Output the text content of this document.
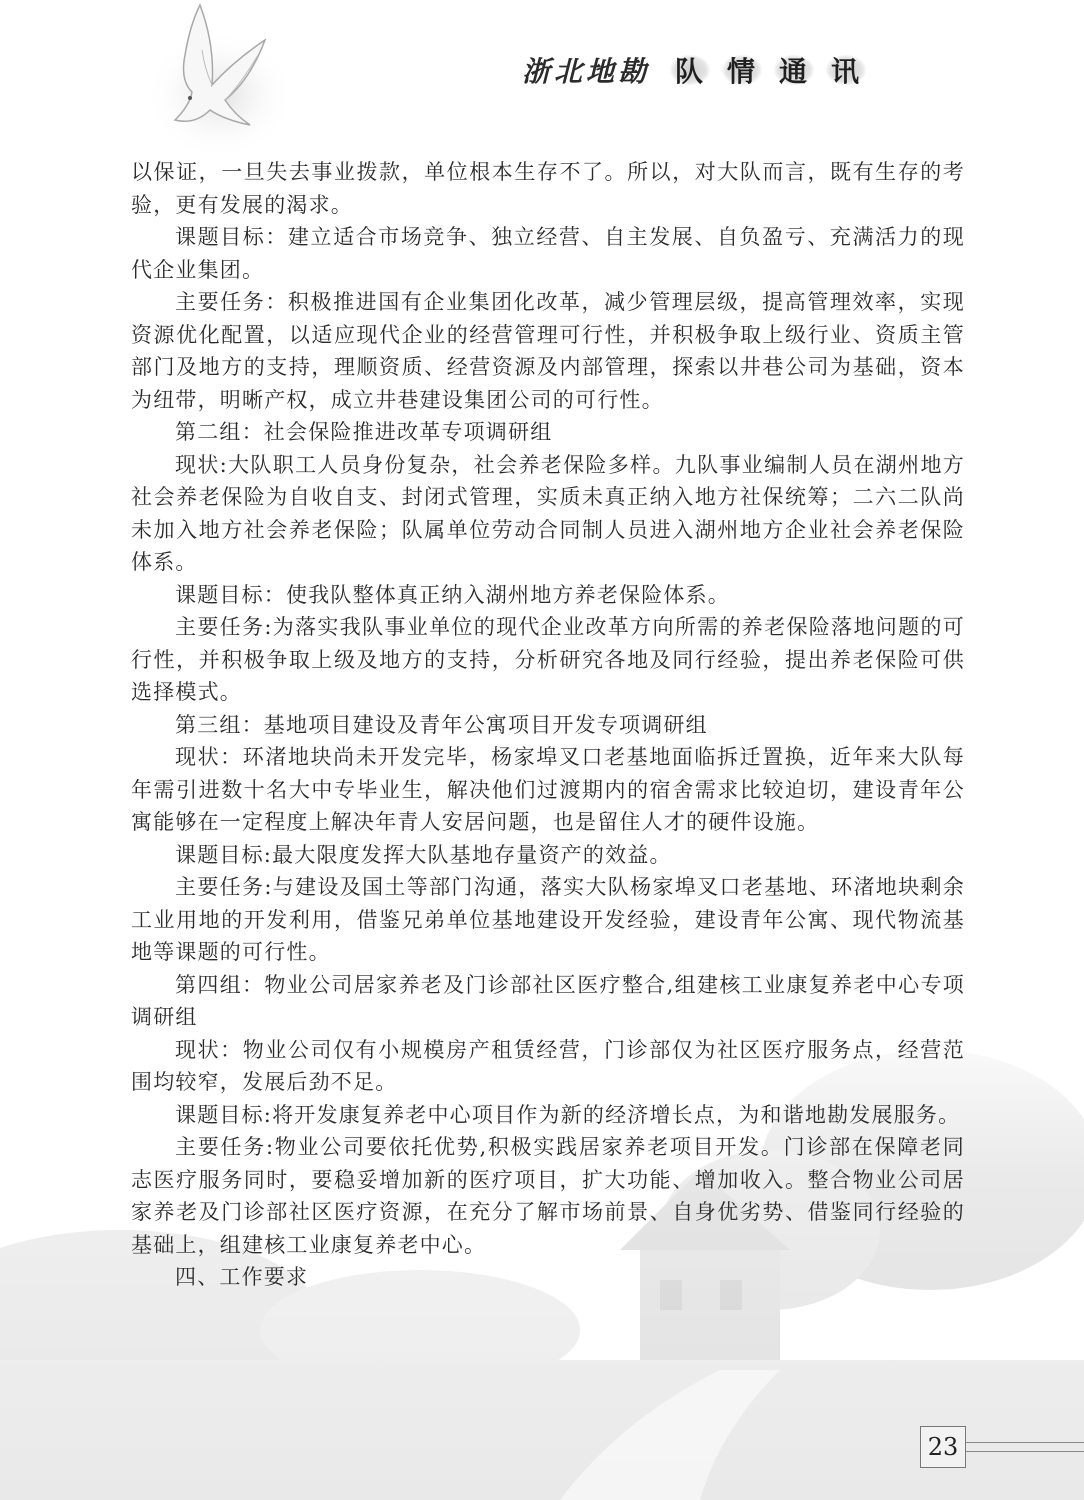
浙北地勘 队 情 通 讯

以保证，一旦失去事业拨款，单位根本生存不了。所以，对大队而言，既有生存的考验，更有发展的渴求。

课题目标：建立适合市场竞争、独立经营、自主发展、自负盈亏、充满活力的现代企业集团。

主要任务：积极推进国有企业集团化改革，减少管理层级，提高管理效率，实现资源优化配置，以适应现代企业的经营管理可行性，并积极争取上级行业、资质主管部门及地方的支持，理顺资质、经营资源及内部管理，探索以井巷公司为基础，资本为纽带，明晰产权，成立井巷建设集团公司的可行性。

第二组：社会保险推进改革专项调研组

现状:大队职工人员身份复杂，社会养老保险多样。九队事业编制人员在湖州地方社会养老保险为自收自支、封闭式管理，实质未真正纳入地方社保统筹；二六二队尚未加入地方社会养老保险；队属单位劳动合同制人员进入湖州地方企业社会养老保险体系。

课题目标：使我队整体真正纳入湖州地方养老保险体系。

主要任务:为落实我队事业单位的现代企业改革方向所需的养老保险落地问题的可行性，并积极争取上级及地方的支持，分析研究各地及同行经验，提出养老保险可供选择模式。

第三组：基地项目建设及青年公寓项目开发专项调研组

现状：环渚地块尚未开发完毕，杨家埠叉口老基地面临拆迁置换，近年来大队每年需引进数十名大中专毕业生，解决他们过渡期内的宿舍需求比较迫切，建设青年公寓能够在一定程度上解决年青人安居问题，也是留住人才的硬件设施。

课题目标:最大限度发挥大队基地存量资产的效益。

主要任务:与建设及国土等部门沟通，落实大队杨家埠叉口老基地、环渚地块剩余工业用地的开发利用，借鉴兄弟单位基地建设开发经验，建设青年公寓、现代物流基地等课题的可行性。

第四组：物业公司居家养老及门诊部社区医疗整合,组建核工业康复养老中心专项调研组

现状：物业公司仅有小规模房产租赁经营，门诊部仅为社区医疗服务点，经营范围均较窄，发展后劲不足。

课题目标:将开发康复养老中心项目作为新的经济增长点，为和谐地勘发展服务。

主要任务:物业公司要依托优势,积极实践居家养老项目开发。门诊部在保障老同志医疗服务同时，要稳妥增加新的医疗项目，扩大功能、增加收入。整合物业公司居家养老及门诊部社区医疗资源，在充分了解市场前景、自身优劣势、借鉴同行经验的基础上，组建核工业康复养老中心。

四、工作要求

23
